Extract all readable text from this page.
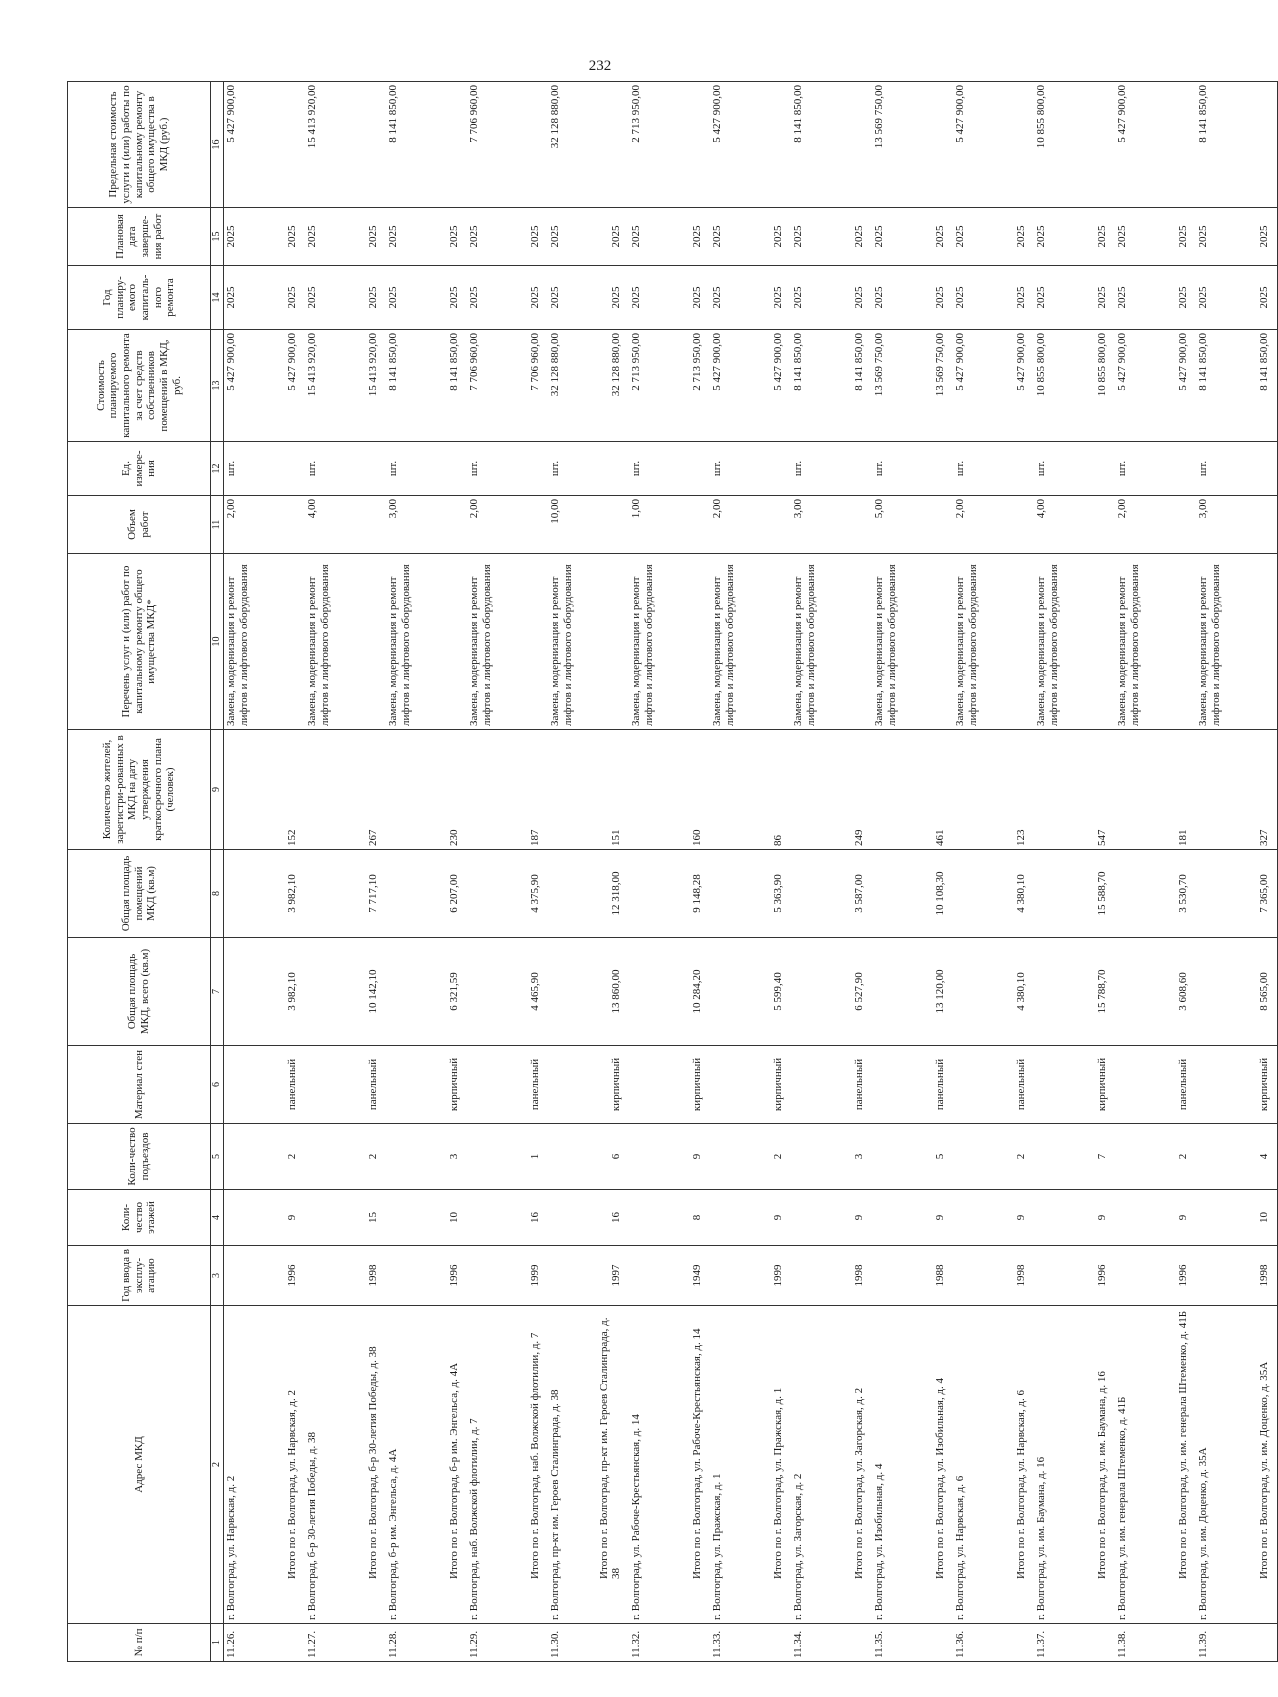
232
№ п/п	Адрес МКД	Год ввода в эксплу-атацию	Коли-чество этажей	Коли-чество подъездов	Материал стен	Общая площадь МКД, всего (кв.м)	Общая площадь помещений МКД (кв.м)	Количество жителей, зарегистри-рованных в МКД на дату утверждения краткосрочного плана (человек)	Перечень услуг и (или) работ по капитальному ремонту общего имущества МКД*	Объем работ	Ед. измере-ния	Стоимость планируемого капитального ремонта за счет средств собственников помещений в МКД, руб.	Год планиру-емого капиталь-ного ремонта	Плановая дата заверше-ния работ	Предельная стоимость услуги и (или) работы по капитальному ремонту общего имущества в МКД (руб.)
1	2	3	4	5	6	7	8	9	10	11	12	13	14	15	16
11.26.	г. Волгоград, ул. Нарвская, д. 2								Замена, модернизация и ремонт лифтов и лифтового оборудования	2,00	шт.	5 427 900,00	2025	2025	5 427 900,00
	Итого по г. Волгоград, ул. Нарвская, д. 2	1996	9	2	панельный	3 982,10	3 982,10	152				5 427 900,00	2025	2025	
11.27.	г. Волгоград, б-р 30-летия Победы, д. 38								Замена, модернизация и ремонт лифтов и лифтового оборудования	4,00	шт.	15 413 920,00	2025	2025	15 413 920,00
	Итого по г. Волгоград, б-р 30-летия Победы, д. 38	1998	15	2	панельный	10 142,10	7 717,10	267				15 413 920,00	2025	2025	
11.28.	г. Волгоград, б-р им. Энгельса, д. 4А								Замена, модернизация и ремонт лифтов и лифтового оборудования	3,00	шт.	8 141 850,00	2025	2025	8 141 850,00
	Итого по г. Волгоград, б-р им. Энгельса, д. 4А	1996	10	3	кирпичный	6 321,59	6 207,00	230				8 141 850,00	2025	2025	
11.29.	г. Волгоград, наб. Волжской флотилии, д. 7								Замена, модернизация и ремонт лифтов и лифтового оборудования	2,00	шт.	7 706 960,00	2025	2025	7 706 960,00
	Итого по г. Волгоград, наб. Волжской флотилии, д. 7	1999	16	1	панельный	4 465,90	4 375,90	187				7 706 960,00	2025	2025	
11.30.	г. Волгоград, пр-кт им. Героев Сталинграда, д. 38								Замена, модернизация и ремонт лифтов и лифтового оборудования	10,00	шт.	32 128 880,00	2025	2025	32 128 880,00
	Итого по г. Волгоград, пр-кт им. Героев Сталинграда, д. 38	1997	16	6	кирпичный	13 860,00	12 318,00	151				32 128 880,00	2025	2025	
11.32.	г. Волгоград, ул. Рабоче-Крестьянская, д. 14								Замена, модернизация и ремонт лифтов и лифтового оборудования	1,00	шт.	2 713 950,00	2025	2025	2 713 950,00
	Итого по г. Волгоград, ул. Рабоче-Крестьянская, д. 14	1949	8	9	кирпичный	10 284,20	9 148,28	160				2 713 950,00	2025	2025	
11.33.	г. Волгоград, ул. Пражская, д. 1								Замена, модернизация и ремонт лифтов и лифтового оборудования	2,00	шт.	5 427 900,00	2025	2025	5 427 900,00
	Итого по г. Волгоград, ул. Пражская, д. 1	1999	9	2	кирпичный	5 599,40	5 363,90	86				5 427 900,00	2025	2025	
11.34.	г. Волгоград, ул. Загорская, д. 2								Замена, модернизация и ремонт лифтов и лифтового оборудования	3,00	шт.	8 141 850,00	2025	2025	8 141 850,00
	Итого по г. Волгоград, ул. Загорская, д. 2	1998	9	3	панельный	6 527,90	3 587,00	249				8 141 850,00	2025	2025	
11.35.	г. Волгоград, ул. Изобильная, д. 4								Замена, модернизация и ремонт лифтов и лифтового оборудования	5,00	шт.	13 569 750,00	2025	2025	13 569 750,00
	Итого по г. Волгоград, ул. Изобильная, д. 4	1988	9	5	панельный	13 120,00	10 108,30	461				13 569 750,00	2025	2025	
11.36.	г. Волгоград, ул. Нарвская, д. 6								Замена, модернизация и ремонт лифтов и лифтового оборудования	2,00	шт.	5 427 900,00	2025	2025	5 427 900,00
	Итого по г. Волгоград, ул. Нарвская, д. 6	1998	9	2	панельный	4 380,10	4 380,10	123				5 427 900,00	2025	2025	
11.37.	г. Волгоград, ул. им. Баумана, д. 16								Замена, модернизация и ремонт лифтов и лифтового оборудования	4,00	шт.	10 855 800,00	2025	2025	10 855 800,00
	Итого по г. Волгоград, ул. им. Баумана, д. 16	1996	9	7	кирпичный	15 788,70	15 588,70	547				10 855 800,00	2025	2025	
11.38.	г. Волгоград, ул. им. генерала Штеменко, д. 41Б								Замена, модернизация и ремонт лифтов и лифтового оборудования	2,00	шт.	5 427 900,00	2025	2025	5 427 900,00
	Итого по г. Волгоград, ул. им. генерала Штеменко, д. 41Б	1996	9	2	панельный	3 608,60	3 530,70	181				5 427 900,00	2025	2025	
11.39.	г. Волгоград, ул. им. Доценко, д. 35А								Замена, модернизация и ремонт лифтов и лифтового оборудования	3,00	шт.	8 141 850,00	2025	2025	8 141 850,00
	Итого по г. Волгоград, ул. им. Доценко, д. 35А	1998	10	4	кирпичный	8 565,00	7 365,00	327				8 141 850,00	2025	2025	
